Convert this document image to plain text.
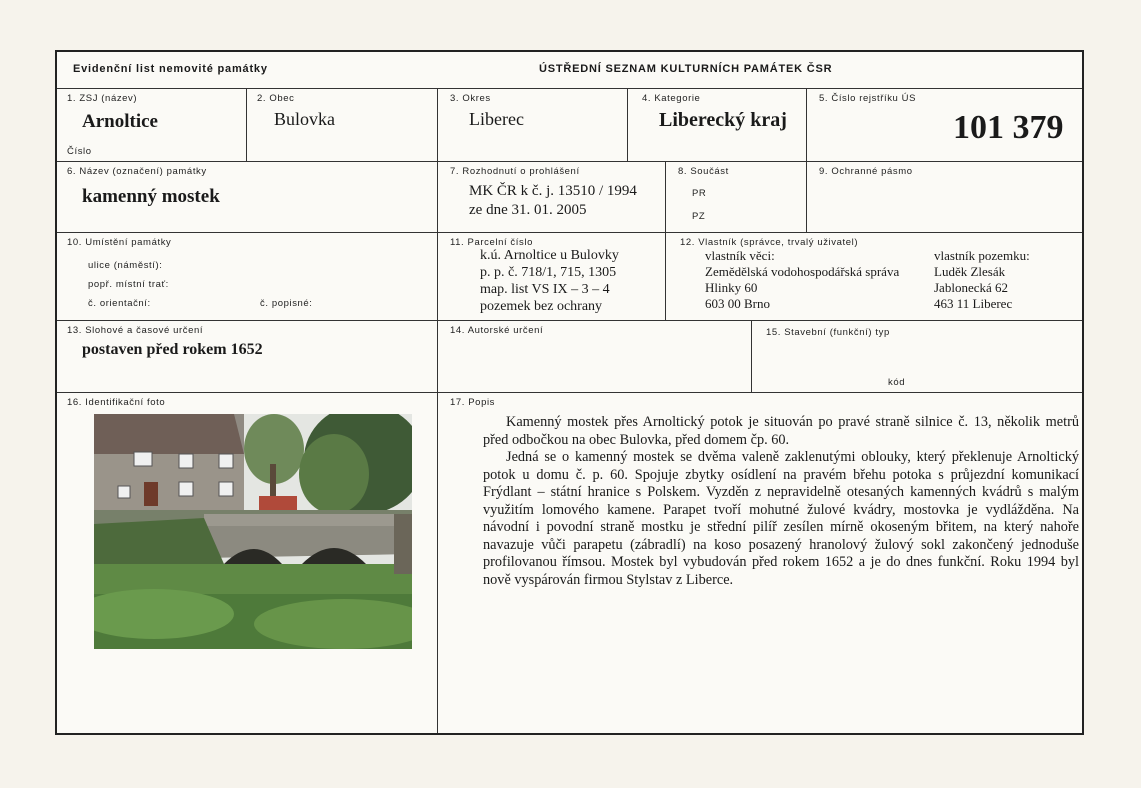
Evidenční list nemovité památky	ÚSTŘEDNÍ SEZNAM KULTURNÍCH PAMÁTEK ČSR
1. ZSJ (název)
Arnoltice
Číslo
2. Obec
Bulovka
3. Okres
Liberec
4. Kategorie
Liberecký kraj
5. Číslo rejstříku ÚS
101 379
6. Název (označení) památky
kamenný mostek
7. Rozhodnutí o prohlášení
MK ČR k č. j. 13510 / 1994
ze dne 31. 01. 2005
8. Součást
PR
PZ
9. Ochranné pásmo
10. Umístění památky
ulice (náměstí):
popř. místní trať:
č. orientační:	č. popisné:
11. Parcelní číslo
k.ú. Arnoltice u Bulovky
p. p. č. 718/1, 715, 1305
map. list VS IX – 3 – 4
pozemek bez ochrany
12. Vlastník (správce, trvalý uživatel)
vlastník věci:
Zemědělská vodohospodářská správa
Hlinky 60
603 00 Brno
vlastník pozemku:
Luděk Zlesák
Jablonecká 62
463 11 Liberec
13. Slohové a časové určení
postaven před rokem 1652
14. Autorské určení	15. Stavební (funkční) typ
kód
16. Identifikační foto	17. Popis

Kamenný mostek přes Arnoltický potok je situován po pravé straně silnice č. 13, několik metrů před odbočkou na obec Bulovka, před domem čp. 60.

Jedná se o kamenný mostek se dvěma valeně zaklenutými oblouky, který překlenuje Arnoltický potok u domu č. p. 60. Spojuje zbytky osídlení na pravém břehu potoka s průjezdní komunikací Frýdlant – státní hranice s Polskem. Vyzděn z nepravidelně otesaných kamenných kvádrů s malým využitím lomového kamene. Parapet tvoří mohutné žulové kvádry, mostovka je vydlážděna. Na návodní i povodní straně mostku je střední pilíř zesílen mírně okoseným břitem, na který nahoře navazuje vůči parapetu (zábradlí) na koso posazený hranolový žulový sokl zakončený jednoduše profilovanou římsou. Mostek byl vybudován před rokem 1652 a je do dnes funkční. Roku 1994 byl nově vyspárován firmou Stylstav z Liberce.
